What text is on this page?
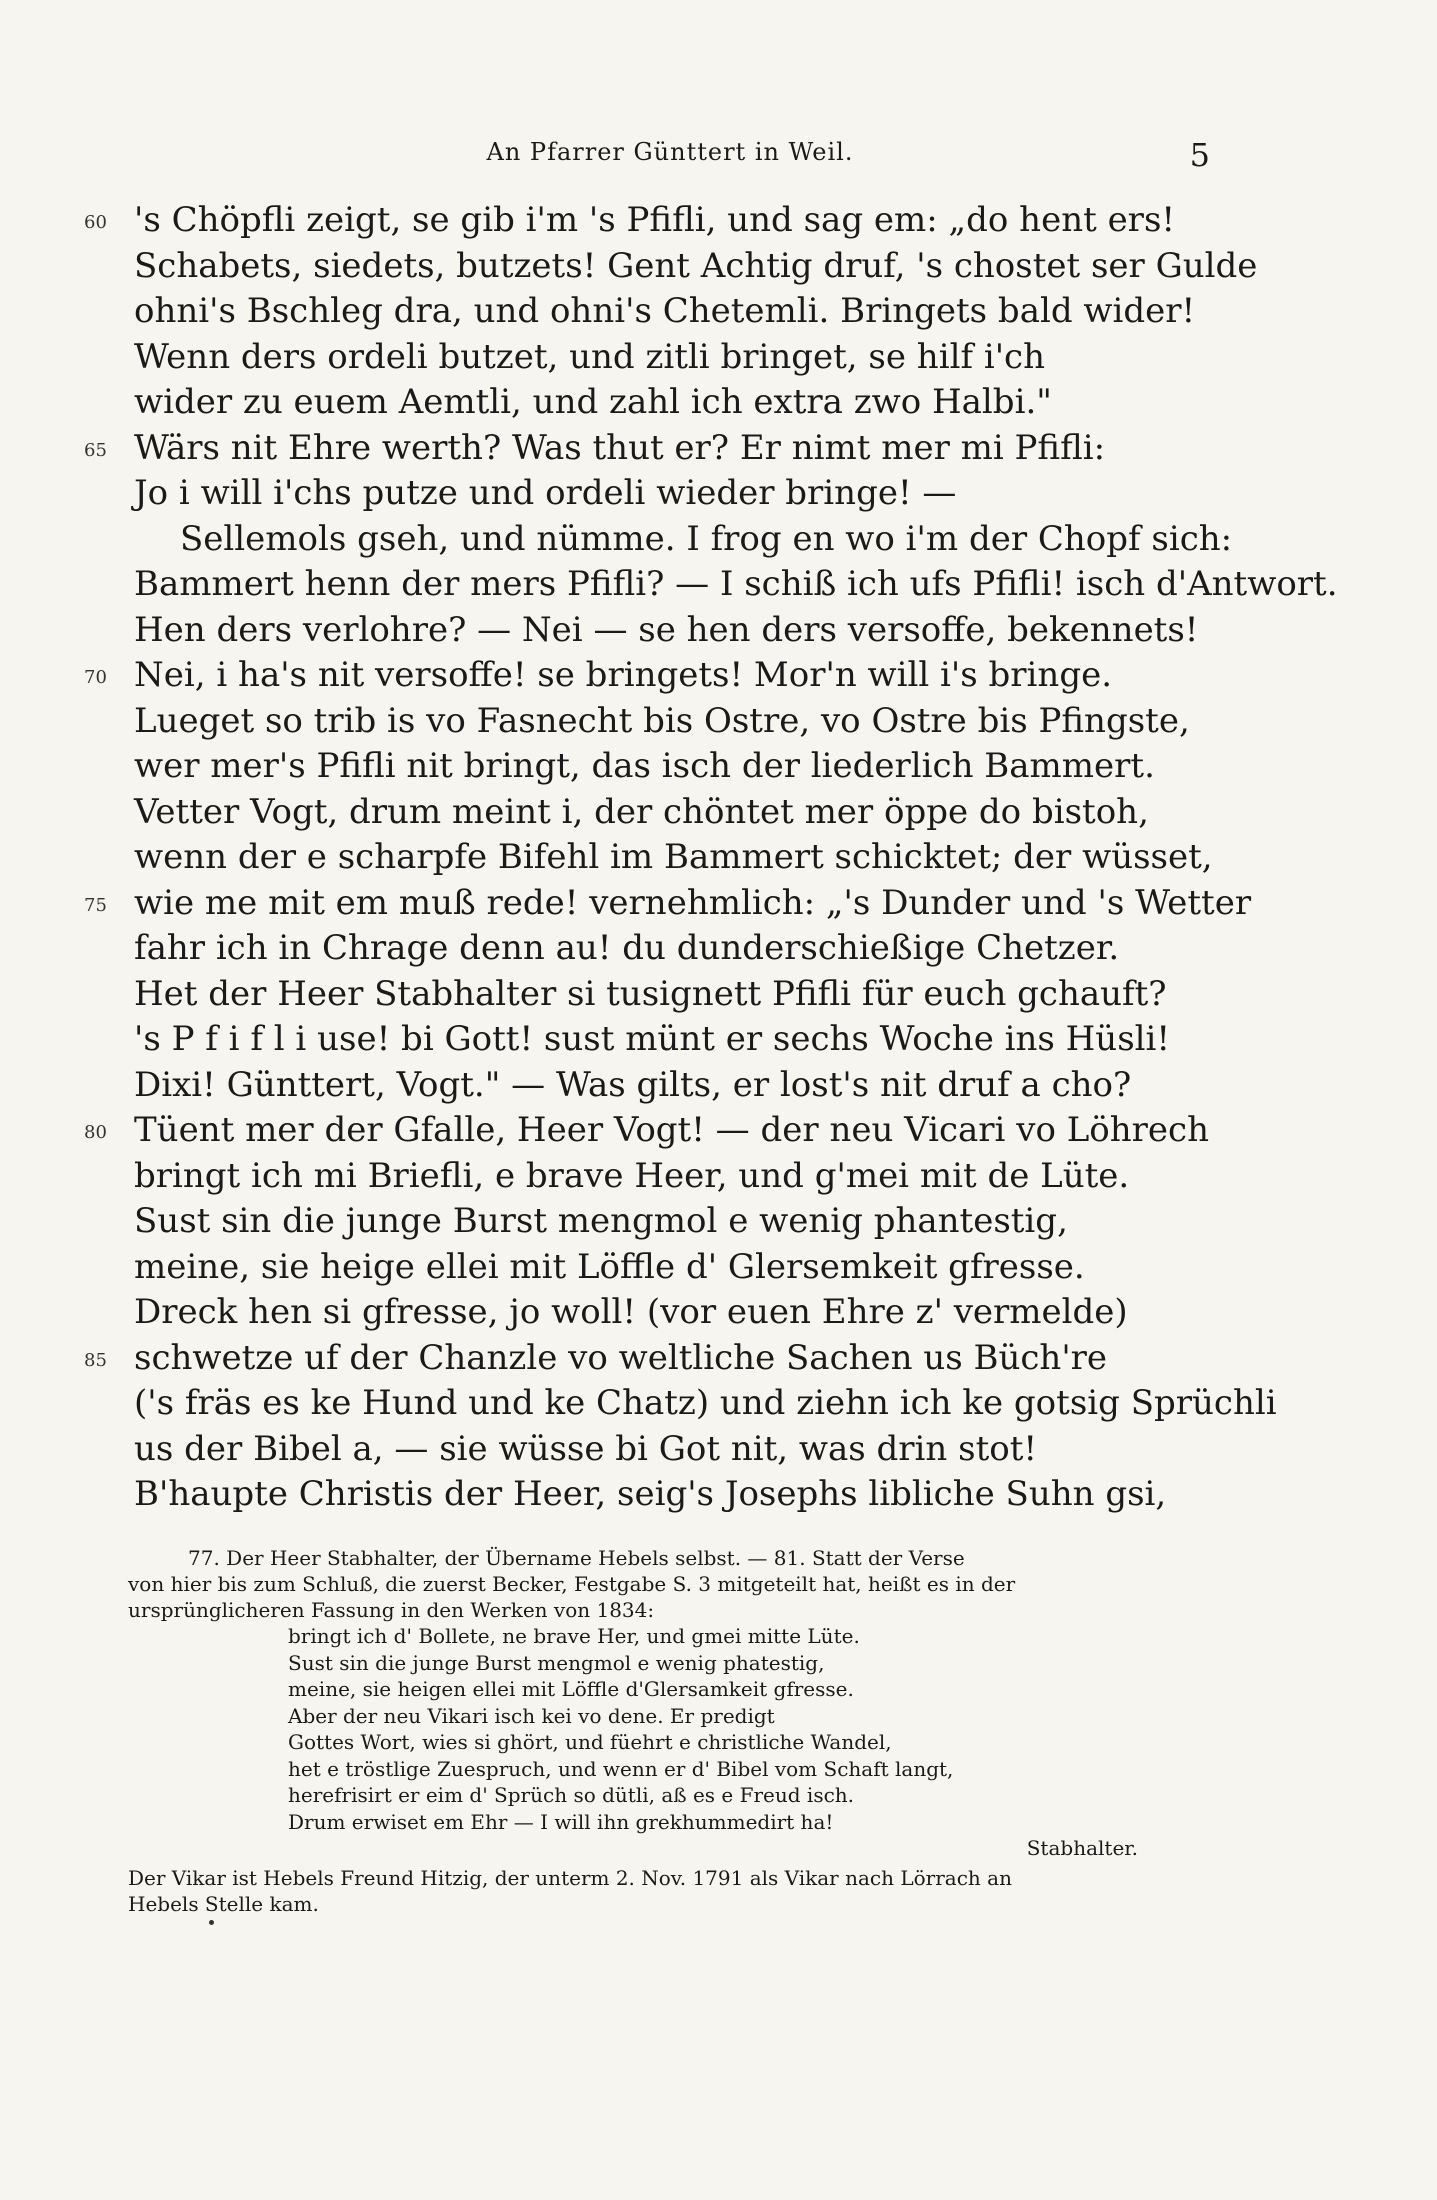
An Pfarrer Günttert in Weil.	5
60 's Chöpfli zeigt, se gib i'm 's Pfifli, und sag em: „do hent ers!
Schabets, siedets, butzets! Gent Achtig druf, 's chostet ser Gulde
ohni's Bschleg dra, und ohni's Chetemli. Bringets bald wider!
Wenn ders ordeli butzet, und zitli bringet, se hilf i'ch
wider zu euem Aemtli, und zahl ich extra zwo Halbi."
65 Wärs nit Ehre werth? Was thut er? Er nimt mer mi Pfifli:
Jo i will i'chs putze und ordeli wieder bringe! —
Sellemols gseh, und nümme. I frog en wo i'm der Chopf sich:
Bammert henn der mers Pfifli? — I schiß ich ufs Pfifli! isch d'Antwort.
Hen ders verlohre? — Nei — se hen ders versoffe, bekennets!
70 Nei, i ha's nit versoffe! se bringets! Mor'n will i's bringe.
Lueget so trib is vo Fasnecht bis Ostre, vo Ostre bis Pfingste,
wer mer's Pfifli nit bringt, das isch der liederlich Bammert.
Vetter Vogt, drum meint i, der chöntet mer öppe do bistoh,
wenn der e scharpfe Bifehl im Bammert schicktet; der wüsset,
75 wie me mit em muß rede! vernehmlich: „'s Dunder und 's Wetter
fahr ich in Chrage denn au! du dunderschießige Chetzer.
Het der Heer Stabhalter si tusignett Pfifli für euch gchauft?
's P f i f l i use! bi Gott! sust münt er sechs Woche ins Hüsli!
Dixi! Günttert, Vogt." — Was gilts, er lost's nit druf a cho?
80 Tüent mer der Gfalle, Heer Vogt! — der neu Vicari vo Löhrech
bringt ich mi Briefli, e brave Heer, und g'mei mit de Lüte.
Sust sin die junge Burst mengmol e wenig phantestig,
meine, sie heige ellei mit Löffle d' Glersemkeit gfresse.
Dreck hen si gfresse, jo woll! (vor euen Ehre z' vermelde)
85 schwetze uf der Chanzle vo weltliche Sachen us Büch're
('s fräs es ke Hund und ke Chatz) und ziehn ich ke gotsig Sprüchli
us der Bibel a, — sie wüsse bi Got nit, was drin stot!
B'haupte Christis der Heer, seig's Josephs libliche Suhn gsi,
77. Der Heer Stabhalter, der Übername Hebels selbst. — 81. Statt der Verse
von hier bis zum Schluß, die zuerst Becker, Festgabe S. 3 mitgeteilt hat, heißt es in der
ursprünglicheren Fassung in den Werken von 1834:
bringt ich d' Bollete, ne brave Her, und gmei mitte Lüte.
Sust sin die junge Burst mengmol e wenig phatestig,
meine, sie heigen ellei mit Löffle d'Glersamkeit gfresse.
Aber der neu Vikari isch kei vo dene. Er predigt
Gottes Wort, wies si ghört, und füehrt e christliche Wandel,
het e tröstlige Zuespruch, und wenn er d' Bibel vom Schaft langt,
herefrisirt er eim d' Sprüch so dütli, aß es e Freud isch.
Drum erwiset em Ehr — I will ihn grekhummedirt ha!
Stabhalter.
Der Vikar ist Hebels Freund Hitzig, der unterm 2. Nov. 1791 als Vikar nach Lörrach an
Hebels Stelle kam.
